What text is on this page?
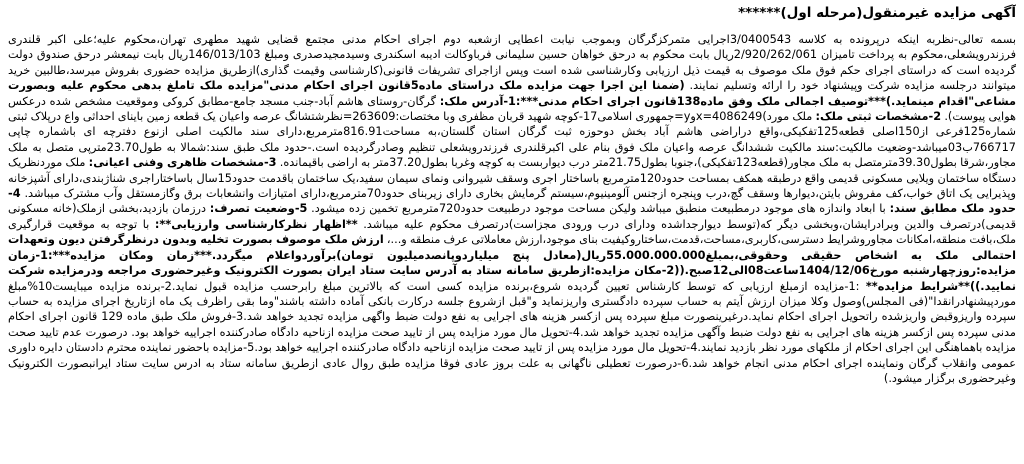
آگهی مزایده غیرمنقول(مرحله اول)******

بسمه تعالی-نظربه اینکه درپرونده به کلاسه 3/0400543اجرایی متمرکزگرگان وبموجب نیابت اعطایی ازشعبه دوم اجرای احکام مدنی مجتمع قضایی شهید مطهری تهران،محکوم علیه؛علی اکبر قلندری فرزندرویشعلی،محکوم به پرداخت تامیزان 2/920/262/061ریال بابت محکوم به درحق خواهان حسین سلیمانی فرباوکالت ادیبه اسکندری وسیدمجیدصدری ومبلغ 146/013/103ریال بابت نیمعشر درحق صندوق دولت گردیده است که دراستای اجرای حکم فوق ملک موصوف به قیمت ذیل ارزیابی وکارشناسی شده است وپس ازاجرای تشریفات قانونی(کارشناسی وقیمت گذاری)ازطریق مزایده حضوری بفروش میرسد،طالبین خرید میتوانند درجلسه مزایده شرکت وپیشنهاد خود را ارائه وتسلیم نمایند. (ضمنا این اجرا جهت مزایده ملک دراستای ماده5قانون اجرای احکام مدنی"مزایده ملک تاملغ بدهی محکوم علیه وبصورت مشاعی"اقدام مینماید.)***توصیف اجمالی ملک وفق ماده138قانون اجرای احکام مدنی***:1-آدرس ملک: گرگان-روستای هاشم آباد-جنب مسجد جامع-مطابق کروکی وموقعیت مشخص شده درعکس هوایی پیوست). 2-مشخصات ثبتی ملک: ملک مورد)x=4086249وy=جمهوری اسلامی17-کوچه شهید قربان مظفری وبا مختصات:263609=نظرشتشانگ عرصه واعیان یک قطعه زمین باینای احداثی واع درپلاک ثبتی شماره125فرعی از150اصلی قطعه125تفکیکی،واقع دراراضی هاشم آباد بخش دوحوزه ثبت گرگان استان گلستان،به مساحت816.91مترمربع،دارای سند مالکیت اصلی ازنوع دفترچه ای باشماره چاپی 766717ب03میباشد-وضعیت مالکیت:سند مالکیت ششدانگ عرصه واعیان ملک فوق بنام علی اکبرقلندری فرزندرویشعلی تنظیم وصادرگردیده است.-حدود ملک طبق سند:شمالا به طول23.70مترپی متصل به ملک مجاور،شرقا بطول39.30مترمتصل به ملک مجاور(قطعه123تفکیکی)،جنوبا بطول21.75متر درب دیواربست به کوچه وغربا بطول37.20متر به اراضی باقیمانده. 3-مشخصات ظاهری وفنی اعیانی: ملک موردنظریک دستگاه ساختمان ویلایی مسکونی قدیمی واقع درطبقه همکف بمساحت حدود120مترمربع باساختار اجری وسقف شیروانی ونمای سیمان سفید،یک ساختمان باقدمت حدود15سال باساختاراجری شناژبندی،دارای آشپزخانه وپذیرایی یک اتاق خواب،کف مفروش بایتن،دیوارها وسقف گچ،درب وپنجره ازجنس آلومینیوم،سیستم گرمایش بخاری دارای زیربنای حدود70مترمربع،دارای امتیازات وانشعابات برق وگازمستقل وآب مشترک میباشد. 4-حدود ملک مطابق سند: با ابعاد واندازه های موجود درمطبیعت منطبق میباشد ولیکن مساحت موجود درطبیعت حدود720مترمربع تخمین زده میشود. 5-وضعیت تصرف: درزمان بازدید،بخشی ازملک(خانه مسکونی قدیمی)درتصرف والدین وبرادرایشان،وبخشی دیگر که(توسط دیوارجداشده ودارای درب ورودی مجزاست)درتصرف محکوم علیه میباشد. **اظهار نظرکارشناسی وارزیابی**: با توجه به موقعیت قرارگیری ملک،بافت منطقه،امکانات مجاوروشرایط دسترسی،کاربری،مساحت،قدمت،ساختاروکیفیت بنای موجود،ارزش معاملاتی عرف منطقه و...، ارزش ملک موصوف بصورت تخلیه وبدون درنظرگرفتن دیون وتعهدات احتمالی ملک به اشخاص حقیقی وحقوقی،بمبلغ55.000.000.000ریال(معادل پنج میلیاردوپانصدمیلیون تومان)برآوردواعلام میگردد.***زمان ومکان مزایده***:1-زمان مزایده:روزچهارشنبه مورخ1404/12/06ساعت08الی12صبح.((2-مکان مزایده:ازطریق سامانه ستاد به آدرس سایت ستاد ایران بصورت الکترونیک وغیرحضوری مراجعه ودرمزایده شرکت نمایید.))**شرایط مزایده** :1-مزایده ازمبلغ ارزیابی که توسط کارشناس تعیین گردیده شروع،برنده مزایده کسی است که بالاترین مبلغ رابرحسب مزایده قبول نماید.2-برنده مزایده میبایست10%مبلغ موردپیشنهادرانقدا"(فی المجلس)وصول وکلا میزان ارزش آیتم به حساب سپرده دادگستری واریزنماید و"قبل ازشروع جلسه درکارت بانکی آماده داشته باشند"وما بقی راظرف یک ماه ازتاریخ اجرای مزایده به حساب سپرده واریزوقبض واریزشده راتحویل اجرای احکام نماید.درغیرینصورت مبلغ سپرده پس ازکسر هزینه های اجرایی به نفع دولت ضبط واگهی مزایده تجدید خواهد شد.3-فروش ملک طبق ماده 129 قانون اجرای احکام مدنی سپرده پس ازکسر هزینه های اجرایی به نفع دولت ضبط وآگهی مزایده تجدید خواهد شد.4-تحویل مال مورد مزایده پس از تایید صحت مزایده ازناحیه دادگاه صادرکننده اجراییه خواهد بود. درصورت عدم تایید صحت مزایده باهماهنگی این اجرای احکام از ملکهای مورد نظر بازدید نمایند.4-تحویل مال مورد مزایده پس از تایید صحت مزایده ازناحیه دادگاه صادرکننده اجراییه خواهد بود.5-مزایده باحضور نماینده محترم دادستان دایره داوری عمومی وانقلاب گرگان ونماینده اجرای احکام مدنی انجام خواهد شد.6-درصورت تعطیلی ناگهانی به علت بروز عادی فوقا مزایده طبق روال عادی ازطریق سامانه ستاد به ادرس سایت ستاد ایرانبصورت الکترونیک وغیرحضوری برگزار میشود.)
